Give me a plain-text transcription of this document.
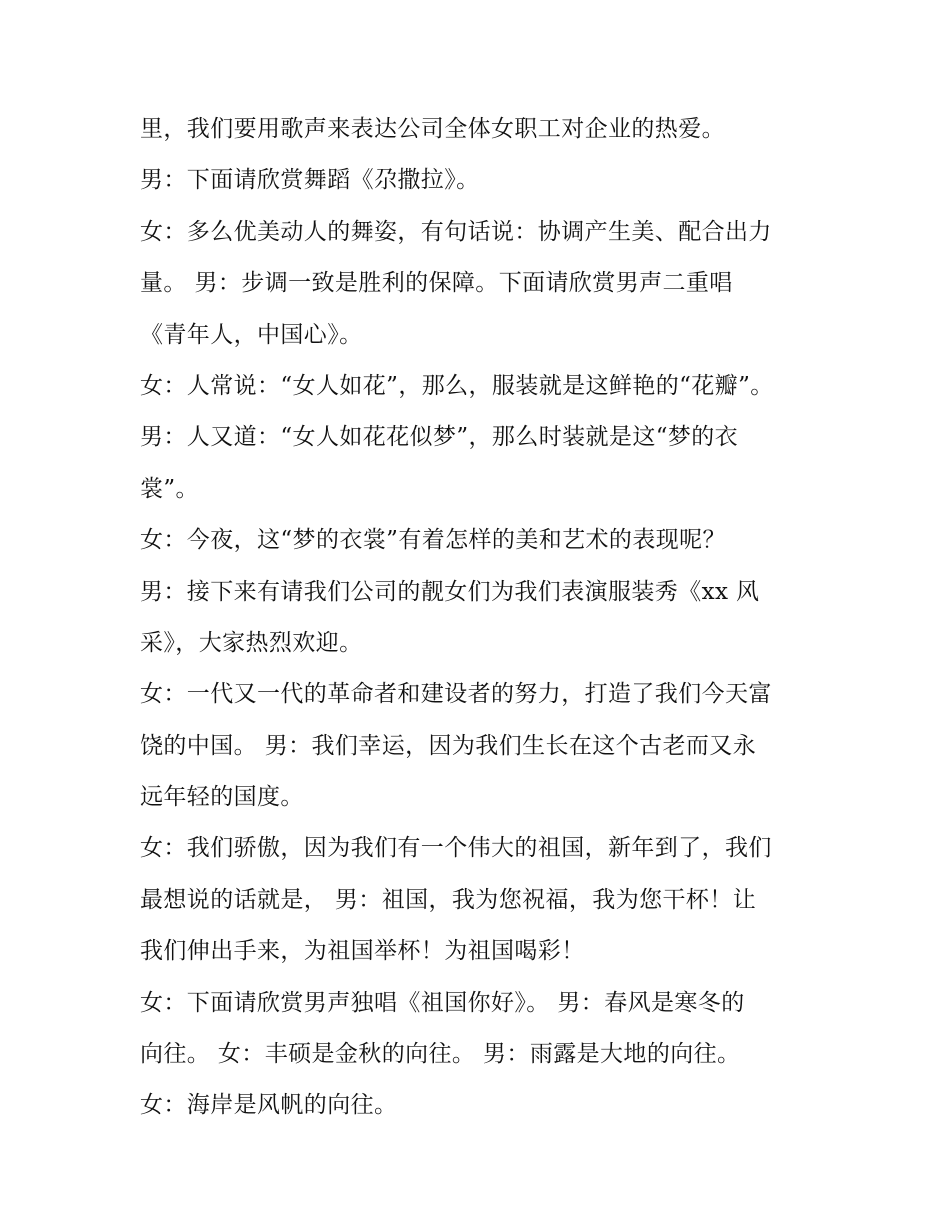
里，我们要用歌声来表达公司全体女职工对企业的热爱。
男：下面请欣赏舞蹈《尕撒拉》。
女：多么优美动人的舞姿，有句话说：协调产生美、配合出力
量。 男：步调一致是胜利的保障。下面请欣赏男声二重唱
《青年人，中国心》。
女：人常说：“女人如花”，那么，服装就是这鲜艳的“花瓣”。
男：人又道：“女人如花花似梦”，那么时装就是这“梦的衣
裳”。
女：今夜，这“梦的衣裳”有着怎样的美和艺术的表现呢？
男：接下来有请我们公司的靓女们为我们表演服装秀《xx 风
采》，大家热烈欢迎。
女：一代又一代的革命者和建设者的努力，打造了我们今天富
饶的中国。 男：我们幸运，因为我们生长在这个古老而又永
远年轻的国度。
女：我们骄傲，因为我们有一个伟大的祖国，新年到了，我们
最想说的话就是， 男：祖国，我为您祝福，我为您干杯！让
我们伸出手来，为祖国举杯！为祖国喝彩！
女：下面请欣赏男声独唱《祖国你好》。 男：春风是寒冬的
向往。 女：丰硕是金秋的向往。 男：雨露是大地的向往。
女：海岸是风帆的向往。
